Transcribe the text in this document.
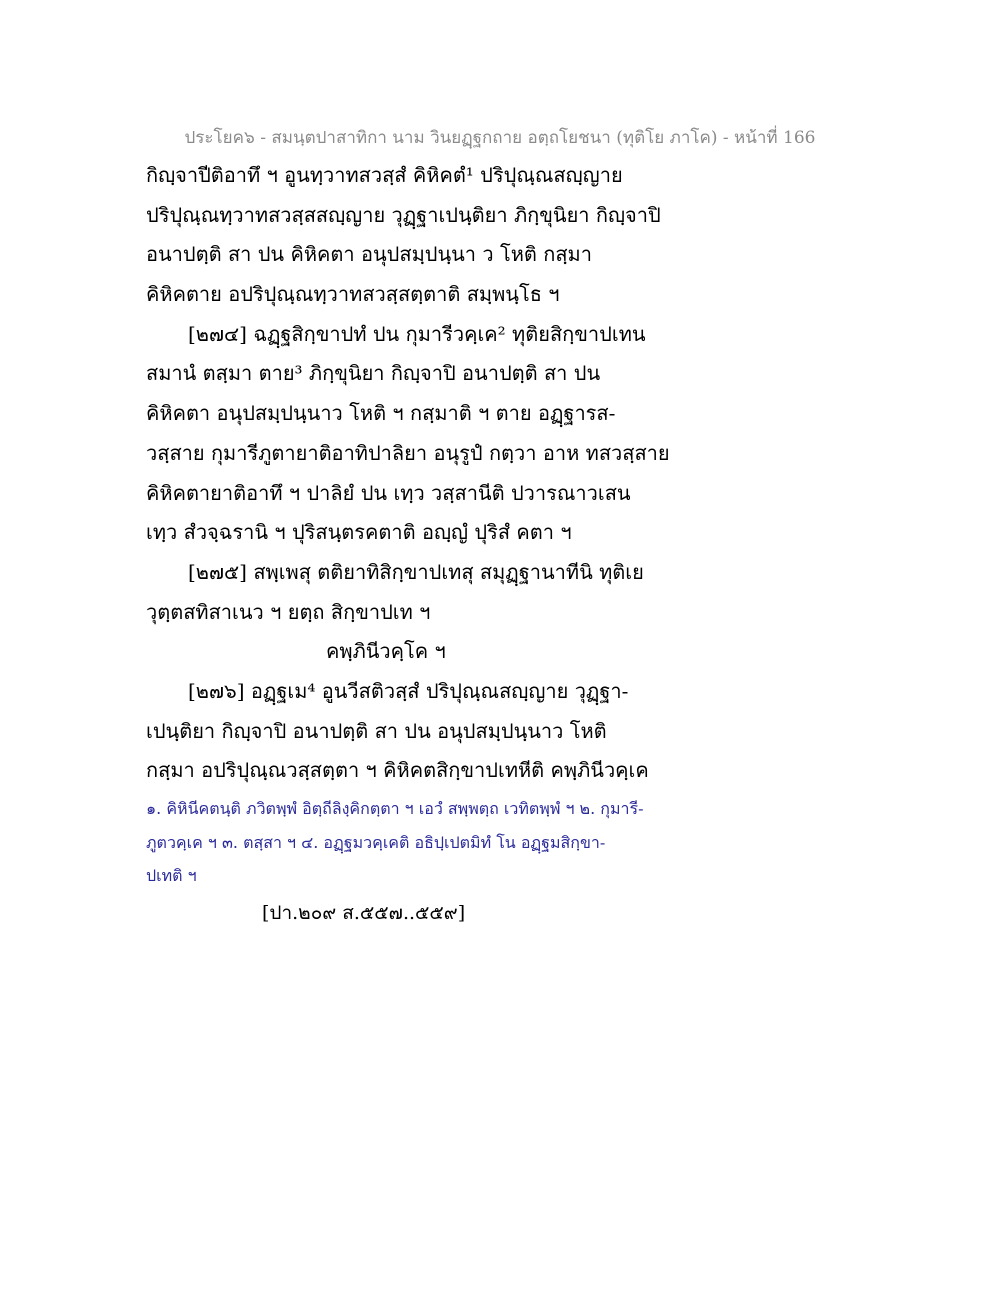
ประโยค๖ - สมนฺตปาสาทิกา นาม วินยฏฺฐกถาย อตฺถโยชนา (ทุติโย ภาโค) - หน้าที่ 166
กิญฺจาปีติอาทึ ฯ อูนทฺวาทสวสฺสํ คิหิคตํ¹ ปริปุณฺณสญฺญาย
ปริปุณฺณทฺวาทสวสฺสสญฺญาย วุฏฺฐาเปนฺติยา ภิกฺขุนิยา กิญฺจาปิ
อนาปตฺติ สา ปน คิหิคตา อนุปสมฺปนฺนา ว โหติ กสฺมา
คิหิคตาย อปริปุณฺณทฺวาทสวสฺสตฺตาติ สมฺพนฺโธ ฯ
[๒๗๔] ฉฏฺฐสิกฺขาปทํ ปน กุมารีวคฺเค² ทุติยสิกฺขาปเทน
สมานํ ตสฺมา ตาย³ ภิกฺขุนิยา กิญฺจาปิ อนาปตฺติ สา ปน
คิหิคตา อนุปสมฺปนฺนาว โหติ ฯ กสฺมาติ ฯ ตาย อฏฺฐารส-
วสฺสาย กุมารีภูตายาติอาทิปาลิยา อนุรูปํ กตฺวา อาห ทสวสฺสาย
คิหิคตายาติอาทึ ฯ ปาลิยํ ปน เทฺว วสฺสานีติ ปวารณาวเสน
เทฺว สํวจฺฉรานิ ฯ ปุริสนฺตรคตาติ อญฺญํ ปุริสํ คตา ฯ
[๒๗๕] สพฺเพสุ ตติยาทิสิกฺขาปเทสุ สมุฏฺฐานาทีนิ ทุติเย
วุตฺตสทิสาเนว ฯ ยตฺถ สิกฺขาปเท ฯ
คพฺภินีวคฺโค ฯ
[๒๗๖] อฏฺฐเม⁴ อูนวีสติวสฺสํ ปริปุณฺณสญฺญาย วุฏฺฐา-
เปนฺติยา กิญฺจาปิ อนาปตฺติ สา ปน อนุปสมฺปนฺนาว โหติ
กสฺมา อปริปุณฺณวสฺสตฺตา ฯ คิหิคตสิกฺขาปเทหีติ คพฺภินีวคฺเค
๑. คิหินีคตนฺติ ภวิตพฺพํ อิตฺถีลิงฺคิกตฺตา ฯ เอวํ สพฺพตฺถ เวทิตพฺพํ ฯ ๒. กุมารี-
ภูตวคฺเค ฯ ๓. ตสฺสา ฯ ๔. อฏฺฐมวคฺเคติ อธิปฺเปตมิทํ โน อฏฺฐมสิกฺขา-
ปเทติ ฯ
[ปา.๒๐๙ ส.๕๕๗..๕๕๙]
